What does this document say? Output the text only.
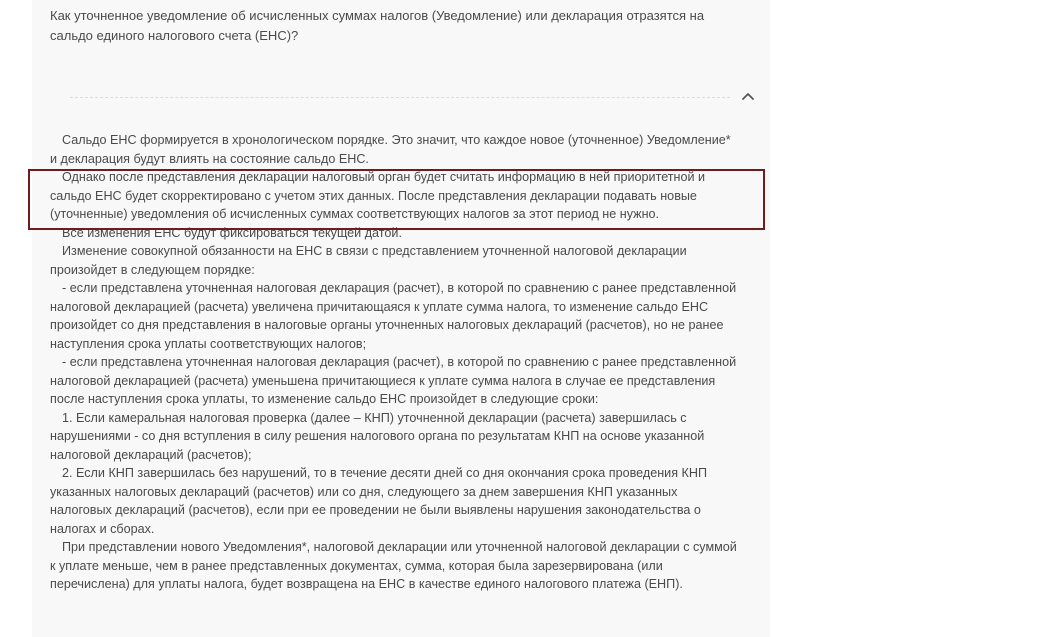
Как уточненное уведомление об исчисленных суммах налогов (Уведомление) или декларация отразятся на сальдо единого налогового счета (ЕНС)?

Сальдо ЕНС формируется в хронологическом порядке. Это значит, что каждое новое (уточненное) Уведомление* и декларация будут влиять на состояние сальдо ЕНС.

Однако после представления декларации налоговый орган будет считать информацию в ней приоритетной и сальдо ЕНС будет скорректировано с учетом этих данных. После представления декларации подавать новые (уточненные) уведомления об исчисленных суммах соответствующих налогов за этот период не нужно.

Все изменения ЕНС будут фиксироваться текущей датой.

Изменение совокупной обязанности на ЕНС в связи с представлением уточненной налоговой декларации произойдет в следующем порядке:

- если представлена уточненная налоговая декларация (расчет), в которой по сравнению с ранее представленной налоговой декларацией (расчета) увеличена причитающаяся к уплате сумма налога, то изменение сальдо ЕНС произойдет со дня представления в налоговые органы уточненных налоговых деклараций (расчетов), но не ранее наступления срока уплаты соответствующих налогов;

- если представлена уточненная налоговая декларация (расчет), в которой по сравнению с ранее представленной налоговой декларацией (расчета) уменьшена причитающиеся к уплате сумма налога в случае ее представления после наступления срока уплаты, то изменение сальдо ЕНС произойдет в следующие сроки:

1. Если камеральная налоговая проверка (далее – КНП) уточненной декларации (расчета) завершилась с нарушениями - со дня вступления в силу решения налогового органа по результатам КНП на основе указанной налоговой деклараций (расчетов);

2. Если КНП завершилась без нарушений, то в течение десяти дней со дня окончания срока проведения КНП указанных налоговых деклараций (расчетов) или со дня, следующего за днем завершения КНП указанных налоговых деклараций (расчетов), если при ее проведении не были выявлены нарушения законодательства о налогах и сборах.

При представлении нового Уведомления*, налоговой декларации или уточненной налоговой декларации с суммой к уплате меньше, чем в ранее представленных документах, сумма, которая была зарезервирована (или перечислена) для уплаты налога, будет возвращена на ЕНС в качестве единого налогового платежа (ЕНП).
